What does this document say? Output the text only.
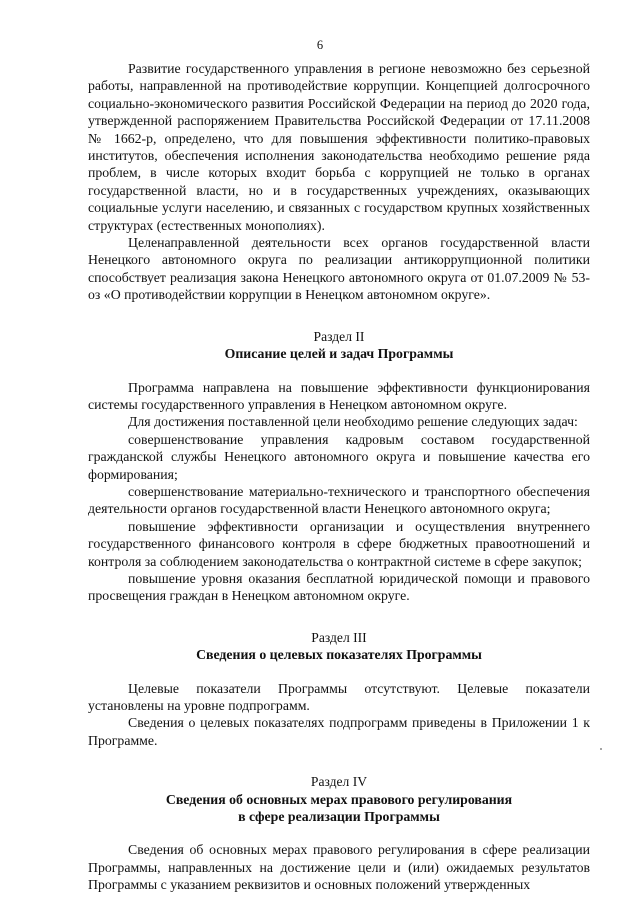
6

Развитие государственного управления в регионе невозможно без серьезной работы, направленной на противодействие коррупции. Концепцией долгосрочного социально-экономического развития Российской Федерации на период до 2020 года, утвержденной распоряжением Правительства Российской Федерации от 17.11.2008 № 1662-р, определено, что для повышения эффективности политико-правовых институтов, обеспечения исполнения законодательства необходимо решение ряда проблем, в числе которых входит борьба с коррупцией не только в органах государственной власти, но и в государственных учреждениях, оказывающих социальные услуги населению, и связанных с государством крупных хозяйственных структурах (естественных монополиях).

Целенаправленной деятельности всех органов государственной власти Ненецкого автономного округа по реализации антикоррупционной политики способствует реализация закона Ненецкого автономного округа от 01.07.2009 № 53-оз «О противодействии коррупции в Ненецком автономном округе».

Раздел II
Описание целей и задач Программы

Программа направлена на повышение эффективности функционирования системы государственного управления в Ненецком автономном округе.

Для достижения поставленной цели необходимо решение следующих задач:

совершенствование управления кадровым составом государственной гражданской службы Ненецкого автономного округа и повышение качества его формирования;

совершенствование материально-технического и транспортного обеспечения деятельности органов государственной власти Ненецкого автономного округа;

повышение эффективности организации и осуществления внутреннего государственного финансового контроля в сфере бюджетных правоотношений и контроля за соблюдением законодательства о контрактной системе в сфере закупок;

повышение уровня оказания бесплатной юридической помощи и правового просвещения граждан в Ненецком автономном округе.

Раздел III
Сведения о целевых показателях Программы

Целевые показатели Программы отсутствуют. Целевые показатели установлены на уровне подпрограмм.

Сведения о целевых показателях подпрограмм приведены в Приложении 1 к Программе.

Раздел IV
Сведения об основных мерах правового регулирования
в сфере реализации Программы

Сведения об основных мерах правового регулирования в сфере реализации Программы, направленных на достижение цели и (или) ожидаемых результатов Программы с указанием реквизитов и основных положений утвержденных
